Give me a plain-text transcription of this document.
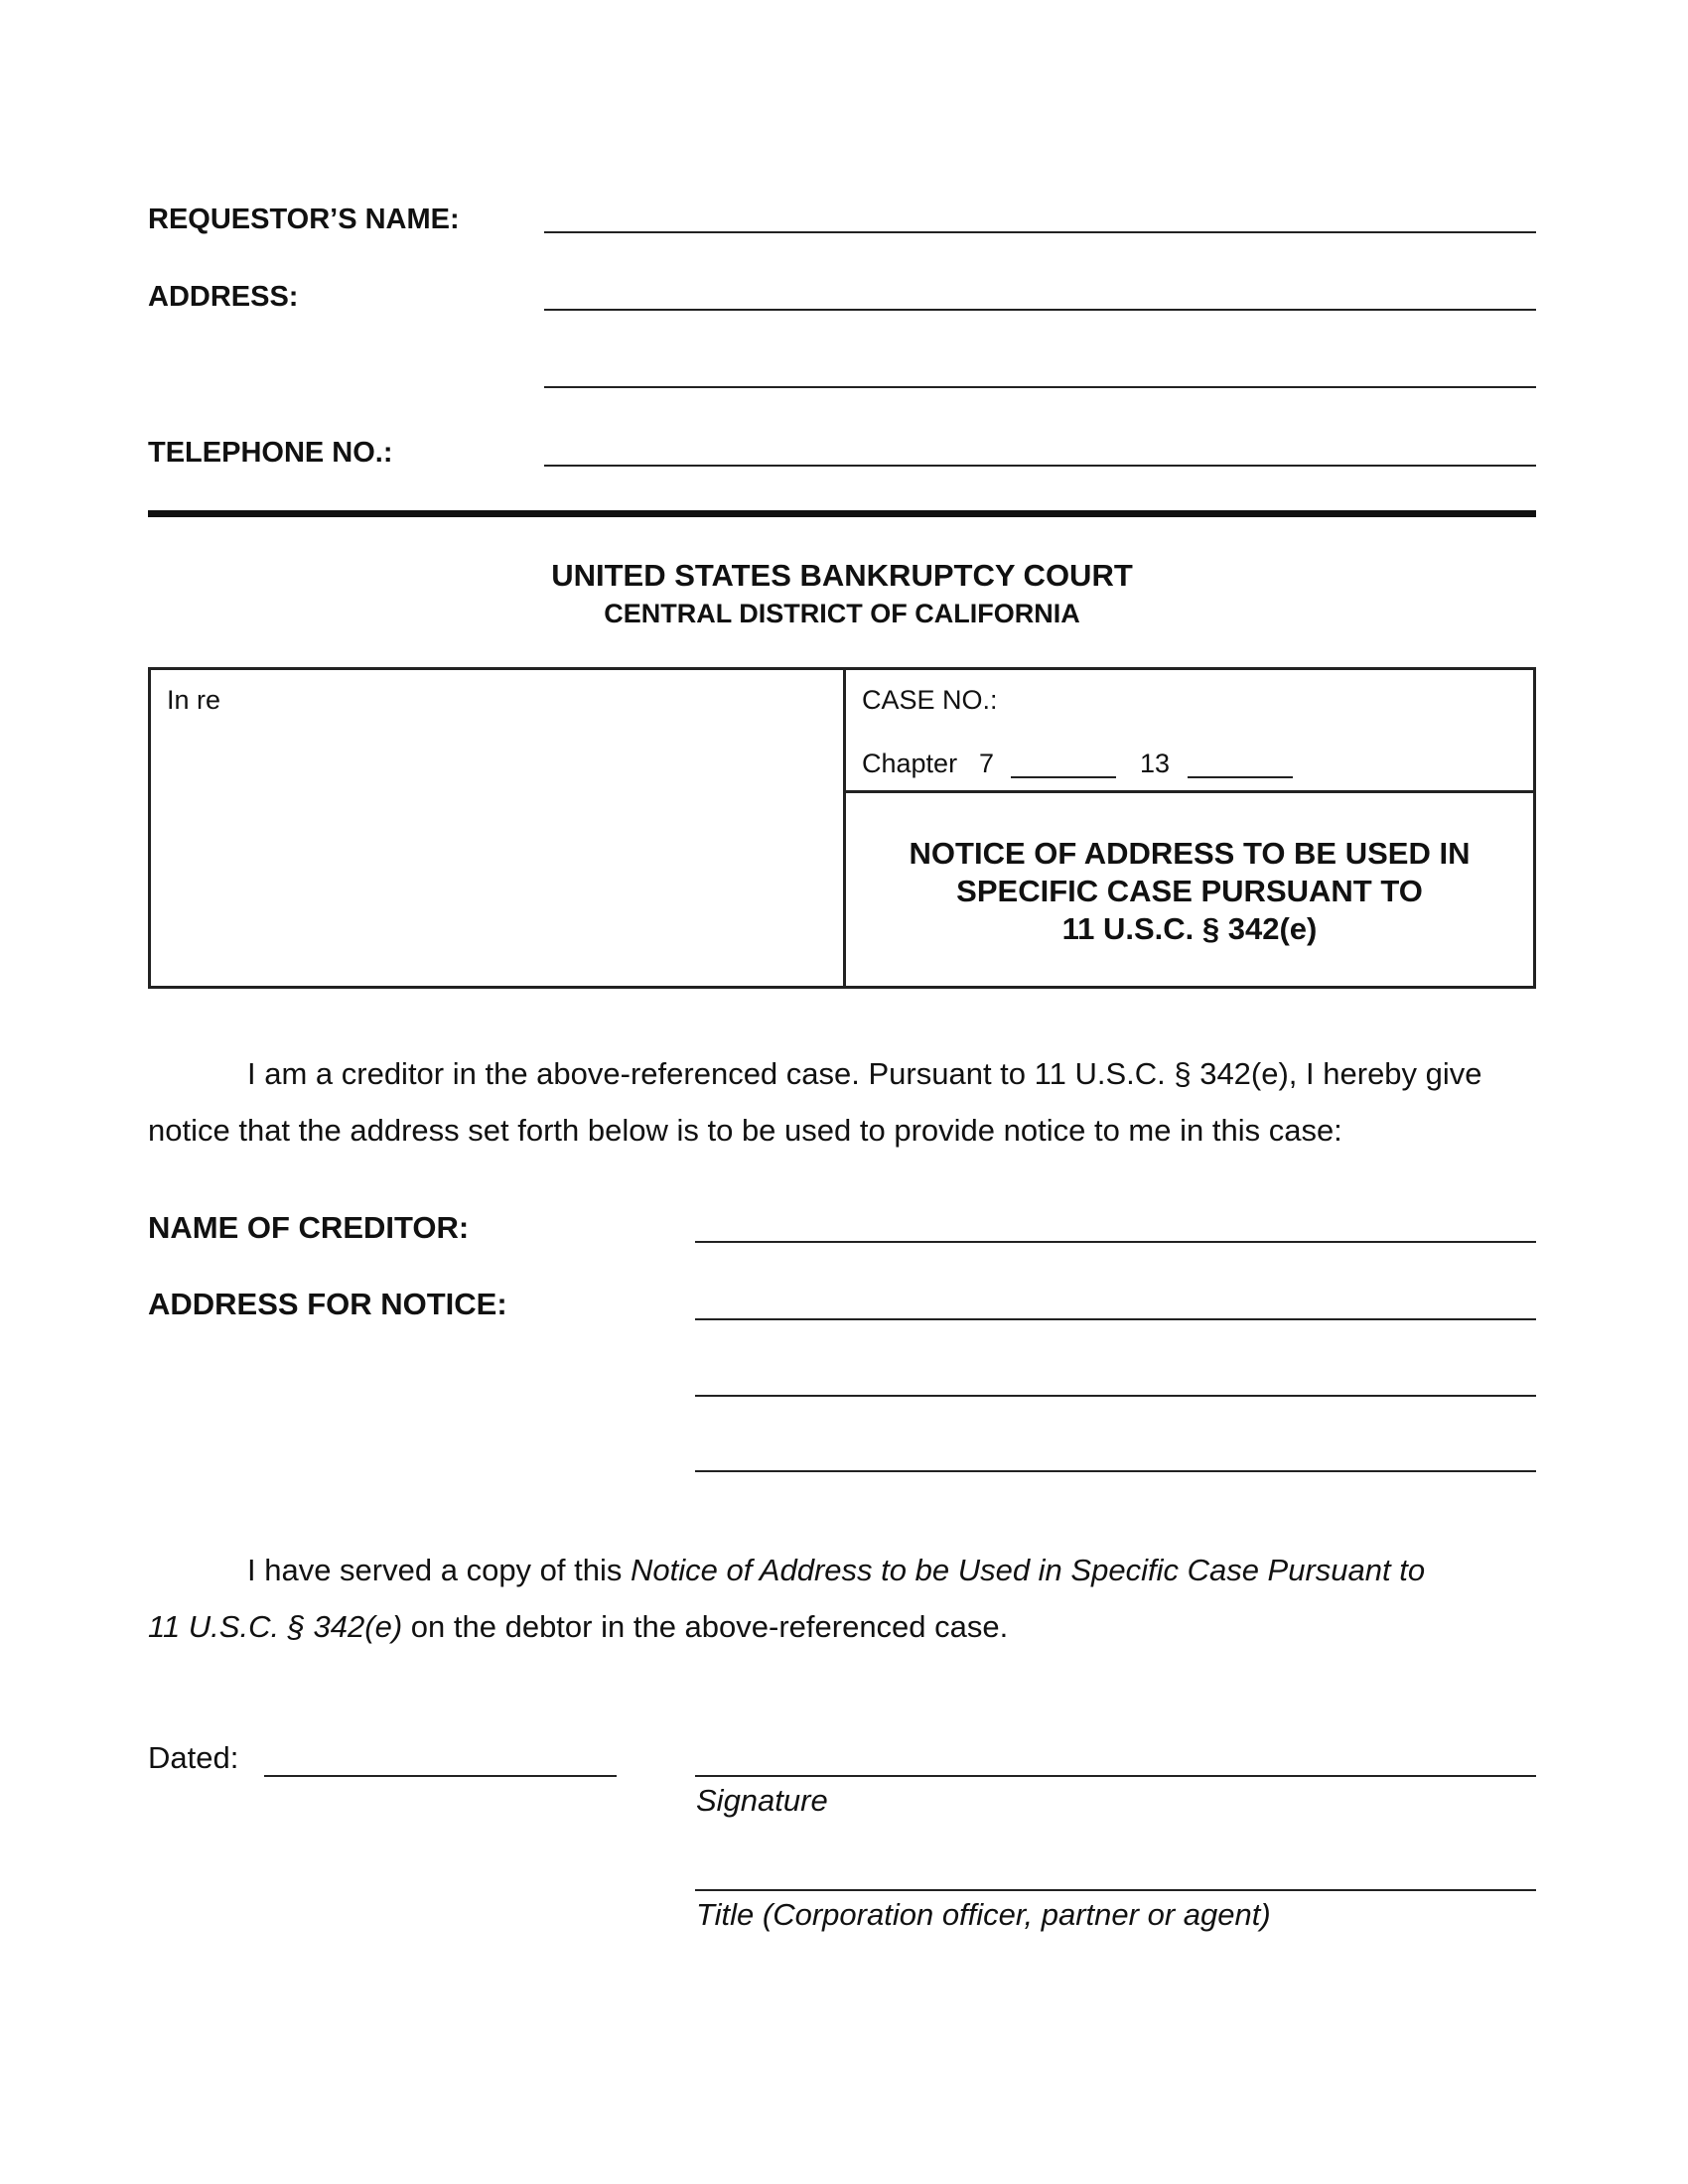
REQUESTOR’S NAME:
ADDRESS:
TELEPHONE NO.:
UNITED STATES BANKRUPTCY COURT
CENTRAL DISTRICT OF CALIFORNIA
In re	CASE NO.:
Chapter 7	13
NOTICE OF ADDRESS TO BE USED IN
SPECIFIC CASE PURSUANT TO
11 U.S.C. § 342(e)
I am a creditor in the above-referenced case. Pursuant to 11 U.S.C. § 342(e), I hereby give
notice that the address set forth below is to be used to provide notice to me in this case:
NAME OF CREDITOR:
ADDRESS FOR NOTICE:
I have served a copy of this Notice of Address to be Used in Specific Case Pursuant to
11 U.S.C. § 342(e) on the debtor in the above-referenced case.
Dated:
Signature
Title (Corporation officer, partner or agent)
